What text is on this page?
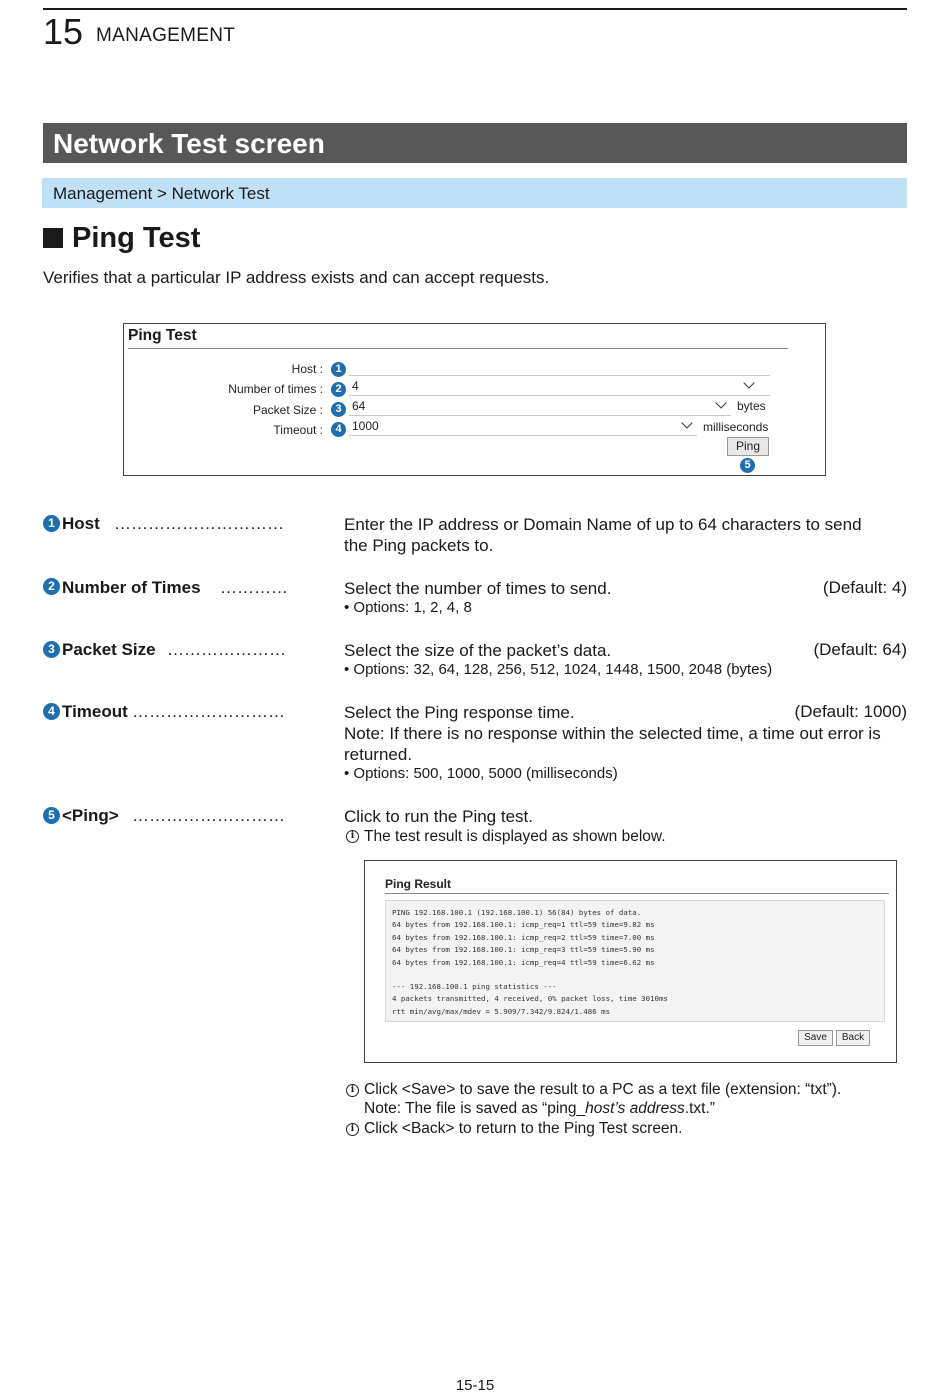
15 MANAGEMENT
Network Test screen
Management > Network Test
Ping Test
Verifies that a particular IP address exists and can accept requests.
Ping Test
Host :	1
Number of times :	2 4
Packet Size :	3 64	bytes
Timeout :	4 1000	milliseconds
Ping
5
1 Host …………………………	Enter the IP address or Domain Name of up to 64 characters to send
the Ping packets to.
2 Number of Times …………	Select the number of times to send.	(Default: 4)
• Options: 1, 2, 4, 8
3 Packet Size …………………	Select the size of the packet’s data.	(Default: 64)
• Options: 32, 64, 128, 256, 512, 1024, 1448, 1500, 2048 (bytes)
4 Timeout ………………………	Select the Ping response time.	(Default: 1000)
Note: If there is no response within the selected time, a time out error is
returned.
• Options: 500, 1000, 5000 (milliseconds)
5 <Ping> ………………………	Click to run the Ping test.
i The test result is displayed as shown below.
Ping Result
PING 192.168.100.1 (192.168.100.1) 56(84) bytes of data.
64 bytes from 192.168.100.1: icmp_req=1 ttl=59 time=9.82 ms
64 bytes from 192.168.100.1: icmp_req=2 ttl=59 time=7.00 ms
64 bytes from 192.168.100.1: icmp_req=3 ttl=59 time=5.90 ms
64 bytes from 192.168.100.1: icmp_req=4 ttl=59 time=6.62 ms
--- 192.168.100.1 ping statistics ---
4 packets transmitted, 4 received, 0% packet loss, time 3010ms
rtt min/avg/max/mdev = 5.909/7.342/9.824/1.486 ms
Save	Back
i Click <Save> to save the result to a PC as a text file (extension: “txt”).
Note: The file is saved as “ping_host’s address.txt.”
i Click <Back> to return to the Ping Test screen.
15-15
